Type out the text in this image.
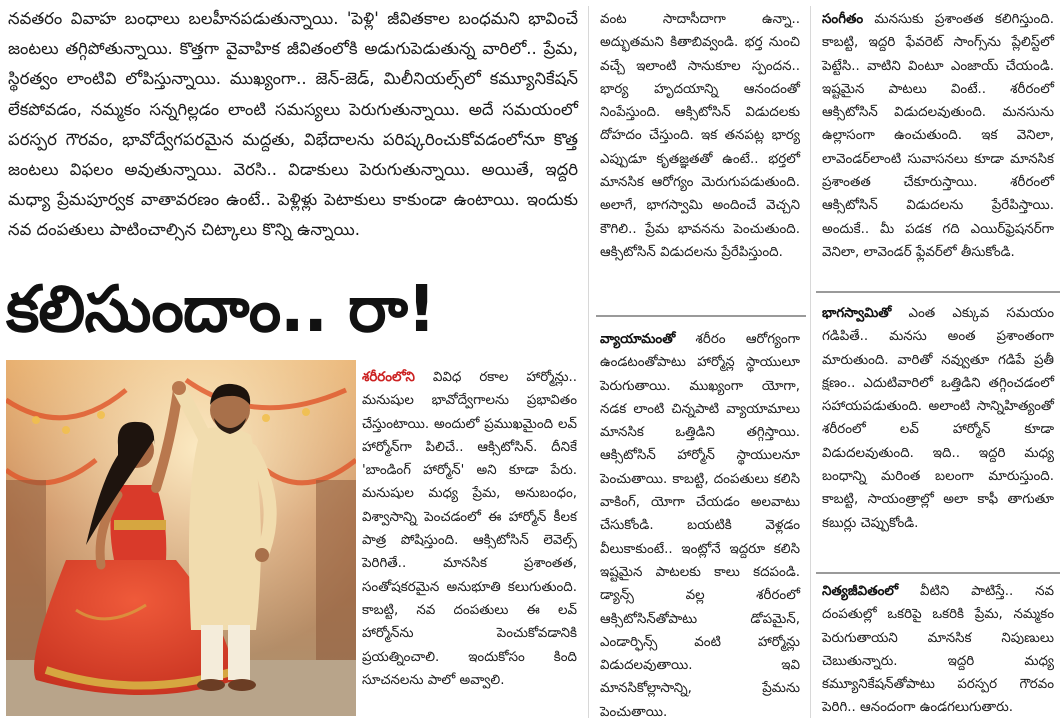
నవతరం వివాహ బంధాలు బలహీనపడుతున్నాయి. 'పెళ్లి' జీవితకాల బంధమని భావించే జంటలు తగ్గిపోతున్నాయి. కొత్తగా వైవాహిక జీవితంలోకి అడుగుపెడుతున్న వారిలో.. ప్రేమ, స్థిరత్వం లాంటివి లోపిస్తున్నాయి. ముఖ్యంగా.. జెన్-జెడ్, మిలీనియల్స్‌లో కమ్యూనికేషన్ లేకపోవడం, నమ్మకం సన్నగిల్లడం లాంటి సమస్యలు పెరుగుతున్నాయి. అదే సమయంలో పరస్పర గౌరవం, భావోద్వేగపరమైన మద్దతు, విభేదాలను పరిష్కరించుకోవడంలోనూ కొత్త జంటలు విఫలం అవుతున్నాయి. వెరసి.. విడాకులు పెరుగుతున్నాయి. అయితే, ఇద్దరి మధ్యా ప్రేమపూర్వక వాతావరణం ఉంటే.. పెళ్లిళ్లు పెటాకులు కాకుండా ఉంటాయి. ఇందుకు నవ దంపతులు పాటించాల్సిన చిట్కాలు కొన్ని ఉన్నాయి.

కలిసుందాం.. రా!

శరీరంలోని వివిధ రకాల హార్మోన్లు.. మనుషుల భావోద్వేగాలను ప్రభావితం చేస్తుంటాయి. అందులో ప్రముఖమైంది లవ్ హార్మోన్‌గా పిలిచే.. ఆక్సిటోసిన్. దీనికే 'బాండింగ్ హార్మోన్' అని కూడా పేరు. మనుషుల మధ్య ప్రేమ, అనుబంధం, విశ్వాసాన్ని పెంచడంలో ఈ హార్మోన్ కీలక పాత్ర పోషిస్తుంది. ఆక్సిటోసిన్ లెవెల్స్ పెరిగితే.. మానసిక ప్రశాంతత, సంతోషకరమైన అనుభూతి కలుగుతుంది. కాబట్టి, నవ దంపతులు ఈ లవ్ హార్మోన్‌ను పెంచుకోవడానికి ప్రయత్నించాలి. ఇందుకోసం కింది సూచనలను పాలో అవ్వాలి.

వంట సాదాసీదాగా ఉన్నా.. అద్భుతమని కితాబివ్వండి. భర్త నుంచి వచ్చే ఇలాంటి సానుకూల స్పందన.. భార్య హృదయాన్ని ఆనందంతో నింపేస్తుంది. ఆక్సిటోసిన్ విడుదలకు దోహదం చేస్తుంది. ఇక తనపట్ల భార్య ఎప్పుడూ కృతజ్ఞతతో ఉంటే.. భర్తలో మానసిక ఆరోగ్యం మెరుగుపడుతుంది. అలాగే, భాగస్వామి అందించే వెచ్చని కౌగిలి.. ప్రేమ భావనను పెంచుతుంది. ఆక్సిటోసిన్ విడుదలను ప్రేరేపిస్తుంది.

వ్యాయామంతో శరీరం ఆరోగ్యంగా ఉండటంతోపాటు హార్మోన్ల స్థాయులూ పెరుగుతాయి. ముఖ్యంగా యోగా, నడక లాంటి చిన్నపాటి వ్యాయామాలు మానసిక ఒత్తిడిని తగ్గిస్తాయి. ఆక్సిటోసిన్ హార్మోన్ స్థాయులనూ పెంచుతాయి. కాబట్టి, దంపతులు కలిసి వాకింగ్, యోగా చేయడం అలవాటు చేసుకోండి. బయటికి వెళ్లడం వీలుకాకుంటే.. ఇంట్లోనే ఇద్దరూ కలిసి ఇష్టమైన పాటలకు కాలు కదపండి. డ్యాన్స్ వల్ల శరీరంలో ఆక్సిటోసిన్‌తోపాటు డోపమైన్, ఎండార్ఫిన్స్ వంటి హార్మోన్లు విడుదలవుతాయి. ఇవి మానసికోల్లాసాన్ని, ప్రేమను పెంచుతాయి.

సంగీతం మనసుకు ప్రశాంతత కలిగిస్తుంది. కాబట్టి, ఇద్దరి ఫేవరెట్ సాంగ్స్‌ను ప్లేలిస్ట్‌లో పెట్టేసి.. వాటిని వింటూ ఎంజాయ్ చేయండి. ఇష్టమైన పాటలు వింటే.. శరీరంలో ఆక్సిటోసిన్ విడుదలవుతుంది. మనసును ఉల్లాసంగా ఉంచుతుంది. ఇక వెనిలా, లావెండర్‌లాంటి సువాసనలు కూడా మానసిక ప్రశాంతత చేకూరుస్తాయి. శరీరంలో ఆక్సిటోసిన్ విడుదలను ప్రేరేపిస్తాయి. అందుకే.. మీ పడక గది ఎయిర్‌ఫ్రెషనర్‌గా వెనిలా, లావెండర్ ఫ్లేవర్‌లో తీసుకోండి.

భాగస్వామితో ఎంత ఎక్కువ సమయం గడిపితే.. మనసు అంత ప్రశాంతంగా మారుతుంది. వారితో నవ్వుతూ గడిపే ప్రతీ క్షణం.. ఎదుటివారిలో ఒత్తిడిని తగ్గించడంలో సహాయపడుతుంది. అలాంటి సాన్నిహిత్యంతో శరీరంలో లవ్ హార్మోన్ కూడా విడుదలవుతుంది. ఇది.. ఇద్దరి మధ్య బంధాన్ని మరింత బలంగా మారుస్తుంది. కాబట్టి, సాయంత్రాల్లో అలా కాఫీ తాగుతూ కబుర్లు చెప్పుకోండి.

నిత్యజీవితంలో వీటిని పాటిస్తే.. నవ దంపతుల్లో ఒకరిపై ఒకరికి ప్రేమ, నమ్మకం పెరుగుతాయని మానసిక నిపుణులు చెబుతున్నారు. ఇద్దరి మధ్య కమ్యూనికేషన్‌తోపాటు పరస్పర గౌరవం పెరిగి.. ఆనందంగా ఉండగలుగుతారు.
